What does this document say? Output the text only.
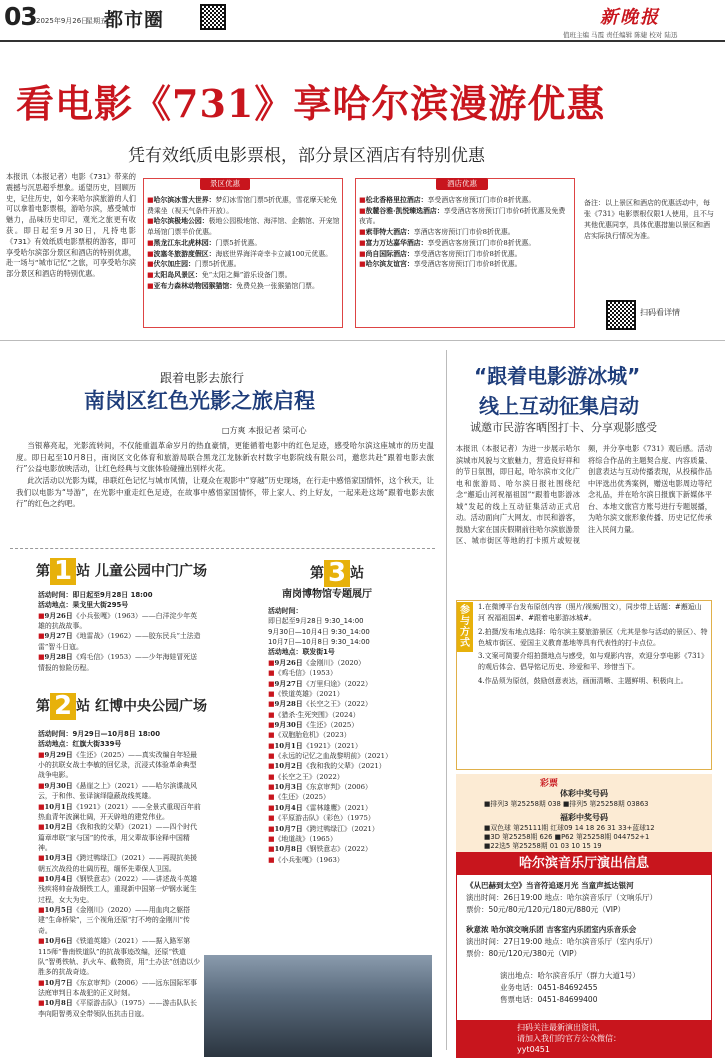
03 2025年9月26日
星期五
都市圈	新晚报
值班主编 马霞 责任编辑 陈婕 校对 陆迅
看电影《731》享哈尔滨漫游优惠
凭有效纸质电影票根，部分景区酒店有特别优惠
本报讯（本报记者）电影《731》带来的震撼与沉思超乎想象。遥望历史，回顾历史，记住历史，如今来哈尔滨旅游的人们可以拿着电影票根，游哈尔滨，感受城市魅力，品味历史印记，观光之旅更有收获。即日起至9月30日，凡持电影《731》有效纸质电影票根的游客，即可享受哈尔滨部分景区和酒店的特别优惠，赴一场与“城市记忆”之旅，可享受哈尔滨部分景区和酒店的特别优惠。
景区优惠
■哈尔滨冰雪大世界：梦幻冰雪馆门票5折优惠，雪花摩天轮免费乘坐（视天气条件开放）。
■哈尔滨极地公园：极地公园极地馆、海洋馆、企鹅馆、开宠馆单场馆门票半价优惠。
■黑龙江东北虎林园：门票5折优惠。
■波塞冬旅游度假区：海底世界海洋奇幸卡立减100元优惠。
■伏尔加庄园：门票5折优惠。
■太阳岛风景区：免“太阳之舞”游乐设备门票。
■亚布力森林动物园猴猫馆：免费兑换一张猴猫馆门票。
酒店优惠
■松北香格里拉酒店：享受酒店客房预订门市价8折优惠。
■敖麓谷雅·凯悦臻选酒店：享受酒店客房预订门市价6折优惠及免费夜宵。
■索菲特大酒店：享酒店客房预订门市价8折优惠。
■富力万达嘉华酒店：享受酒店客房预订门市价8折优惠。
■尚自国际酒店：享受酒店客房预订门市价8折优惠。
■哈尔滨友谊宫：享受酒店客房预订门市价8折优惠。
备注：以上景区和酒店的优惠活动中，每张《731》电影票根仅限1人使用，且不与其他优惠同享，具体优惠措施以景区和酒店实际执行情况为准。
扫码看详情
跟着电影去旅行
南岗区红色光影之旅启程
□方爽 本报记者 梁可心

当银幕亮起，光影流转间，不仅能重温革命岁月的热血豪情，更能循着电影中的红色足迹，感受哈尔滨这座城市的历史温度。即日起至10月8日，南岗区文化体育和旅游局联合黑龙江龙脉新农村数字电影院线有限公司，邀您共赴“跟着电影去旅行”公益电影放映活动，让红色经典与文旅体验碰撞出别样火花。

此次活动以光影为媒，串联红色记忆与城市风情，让观众在观影中“穿越”历史现场，在行走中感悟家国情怀，这个秋天，让我们以电影为“导游”，在光影中重走红色足迹，在故事中感悟家国情怀，带上家人、约上好友，一起来赴这场“跟着电影去旅行”的红色之约吧。

第 1 站 儿童公园中门广场
活动时间：即日起至9月28日 18:00
活动地点：果戈里大街295号
■9月26日《小兵张嘎》（1963）——白洋淀少年英雄的抗战故事。
■9月27日《地雷战》（1962）——胶东民兵“土法造雷”智斗日寇。
■9月28日《鸡毛信》（1953）——少年海娃冒死送情报的惊险历程。
第 2 站 红博中央公园广场
活动时间：9月29日—10月8日 18:00
活动地点：红旗大街339号
■9月29日《生还》（2025）——真实改编自年轻最小的抗联女战士李敏的回忆录，沉浸式体验革命典型战争电影。
■9月30日《悬崖之上》（2021）——哈尔滨谍战风云，于和伟、张译演绎隐蔽战线英雄。
■10月1日《1921》（2021）——全景式重现百年前热血青年波澜壮阔，开天辟地的建党伟业。
■10月2日《我和我的父辈》（2021）——四个时代篇章串联“家与国”的传承，用父辈故事诠释中国精神。
■10月3日《跨过鸭绿江》（2021）——再现抗美援朝五次战役的壮阔历程，缅怀先辈保人卫国。
■10月4日《钢铁意志》（2022）——讲述战斗英雄残疾将帅奋战钢铁工人，重现新中国第一炉钢水诞生过程，女大为史。
■10月5日《金刚川》（2020）——用血肉之躯搭建“生命桥梁”，三个视角还原“打不垮的金刚川”传奇。
■10月6日《铁道英雄》（2021）——据入路军第115师“鲁南铁道队”的抗战事迹改编，还原“铁道队”智勇铁轨、扒火车、截物资，用“土办法”创造以少胜多的抗战奇迹。
■10月7日《东京审判》（2006）——远东国际军事法庭审判日本战犯的正义时刻。
■10月8日《平原游击队》（1975）——游击队队长李向阳智勇双全带领队伍抗击日寇。
第 3 站
南岗博物馆专题展厅
活动时间：
即日起至9月28日 9:30_14:00
9月30日—10月4日 9:30_14:00
10月7日—10月8日 9:30_14:00
活动地点：联发街1号
■9月26日《金刚川》（2020）
■《鸡毛信》（1953）
■9月27日《万里归途》（2022）
■《铁道英雄》（2021）
■9月28日《长空之王》（2022）
■《猎杀·生死突围》（2024）
■9月30日《生还》（2025）
■《双胞胎危机》（2023）
■10月1日《1921》（2021）
■《永远的记忆之血战黎明前》（2021）
■10月2日《我和我的父辈》（2021）
■《长空之王》（2022）
■10月3日《东京审判》（2006）
■《生还》（2025）
■10月4日《雷林雄鹰》（2021）
■《平原游击队》（彩色）（1975）
■10月7日《跨过鸭绿江》（2021）
■《地道战》（1965）
■10月8日《钢铁意志》（2022）
■《小兵张嘎》（1963）
“跟着电影游冰城”
线上互动征集启动
诚邀市民游客晒图打卡、分享观影感受
本报讯（本报记者）为进一步展示哈尔滨城市风貌与文旅魅力，营造良好祥和的节日氛围，即日起，哈尔滨市文化广电和旅游局、哈尔滨日报社围绕纪念“邂逅山河祝福祖国”“跟着电影游冰城”发起的线上互动征集活动正式启动。活动面向广大网友、市民和游客，鼓励大家在国庆假期前往哈尔滨旅游景区、城市街区等地的打卡照片或短视频，并分享电影《731》观后感。活动将综合作品的主题契合度、内容质量、创意表达与互动传播表现，从投稿作品中评选出优秀案例，赠送电影周边等纪念礼品，并在哈尔滨日报旗下新媒体平台、本地文旅官方账号进行专题展播，为哈尔滨文旅形象传播、历史记忆传承注入民间力量。
参与方式

1.在微博平台发布原创内容（照片/视频/图文），同步带上话题：#邂逅山河 祝福祖国#、#跟着电影游冰城#。

2.拍摄/发布地点选择：哈尔滨主要旅游景区（尤其是参与活动的景区）、特色城市街区、爱国主义教育基地等具有代表性的打卡点位。

3.文案可简要介绍拍摄地点与感受，如与观影内容，欢迎分享电影《731》的观后体会、倡导铭记历史、珍爱和平、珍惜当下。

4.作品须为原创，鼓励创意表达，画面清晰、主题鲜明、积极向上。

彩票
体彩中奖号码
■排列3 第25258期 038 ■排列5 第25258期 03863
福彩中奖号码
■双色球 第25111期 红球09 14 18 26 31 33+蓝球12
■3D 第25258期 626 ■P62 第25258期 044752+1
■22选5 第25258期 01 03 10 15 19
哈尔滨音乐厅演出信息
《从巴赫到太空》当音符追逐月光 当童声抵达银河
演出时间：26日19:00 地点：哈尔滨音乐厅（文响乐厅）
票价：50元/80元/120元/180元/880元（VIP）
秋意浓 哈尔滨交响乐团 吉客室内乐团室内乐音乐会
演出时间：27日19:00 地点：哈尔滨音乐厅（室内乐厅）
票价：80元/120元/380元（VIP）
演出地点：哈尔滨音乐厅（群力大道1号）
业务电话：0451-84692455
售票电话：0451-84699400
扫码关注最新演出资讯，
请加入我们的官方公众微信：
yyt0451
